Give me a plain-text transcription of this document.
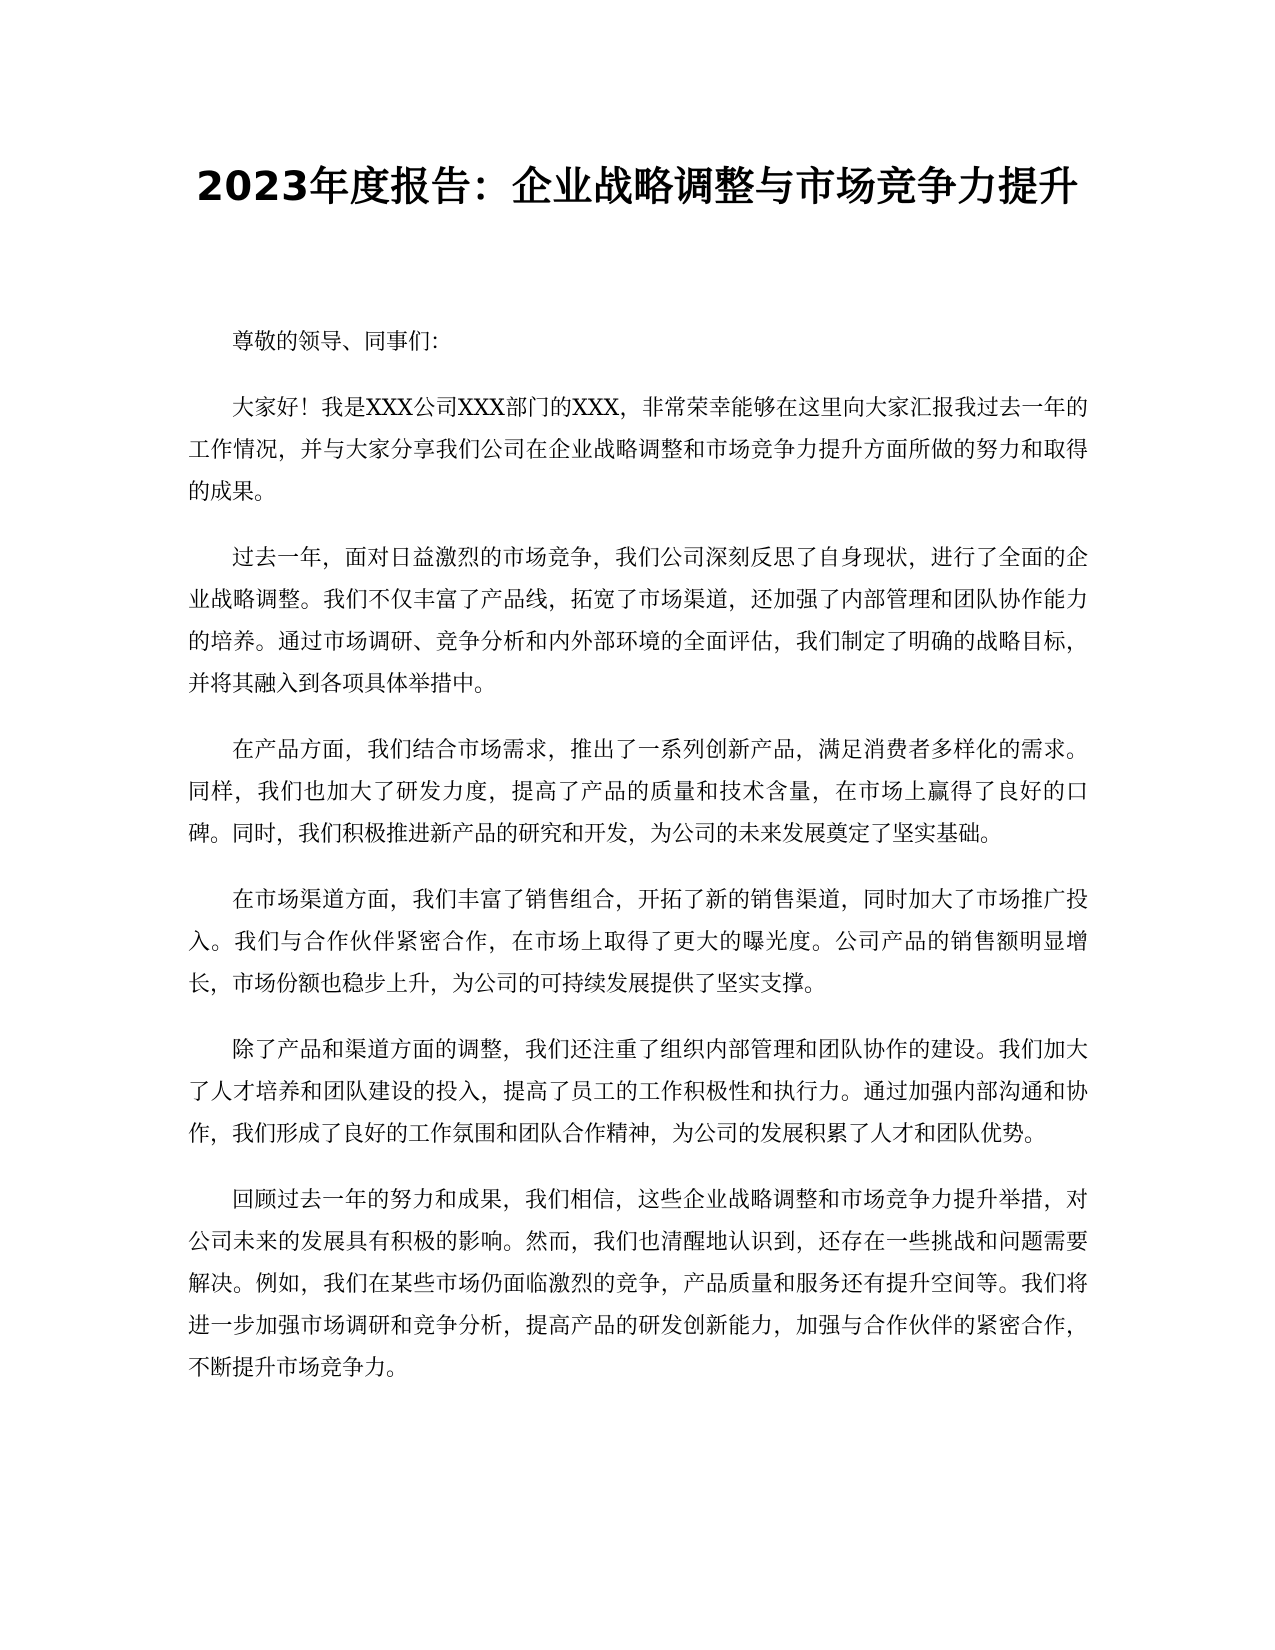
2023年度报告：企业战略调整与市场竞争力提升

尊敬的领导、同事们：

大家好！我是XXX公司XXX部门的XXX，非常荣幸能够在这里向大家汇报我过去一年的工作情况，并与大家分享我们公司在企业战略调整和市场竞争力提升方面所做的努力和取得的成果。

过去一年，面对日益激烈的市场竞争，我们公司深刻反思了自身现状，进行了全面的企业战略调整。我们不仅丰富了产品线，拓宽了市场渠道，还加强了内部管理和团队协作能力的培养。通过市场调研、竞争分析和内外部环境的全面评估，我们制定了明确的战略目标，并将其融入到各项具体举措中。

在产品方面，我们结合市场需求，推出了一系列创新产品，满足消费者多样化的需求。同样，我们也加大了研发力度，提高了产品的质量和技术含量，在市场上赢得了良好的口碑。同时，我们积极推进新产品的研究和开发，为公司的未来发展奠定了坚实基础。

在市场渠道方面，我们丰富了销售组合，开拓了新的销售渠道，同时加大了市场推广投入。我们与合作伙伴紧密合作，在市场上取得了更大的曝光度。公司产品的销售额明显增长，市场份额也稳步上升，为公司的可持续发展提供了坚实支撑。

除了产品和渠道方面的调整，我们还注重了组织内部管理和团队协作的建设。我们加大了人才培养和团队建设的投入，提高了员工的工作积极性和执行力。通过加强内部沟通和协作，我们形成了良好的工作氛围和团队合作精神，为公司的发展积累了人才和团队优势。

回顾过去一年的努力和成果，我们相信，这些企业战略调整和市场竞争力提升举措，对公司未来的发展具有积极的影响。然而，我们也清醒地认识到，还存在一些挑战和问题需要解决。例如，我们在某些市场仍面临激烈的竞争，产品质量和服务还有提升空间等。我们将进一步加强市场调研和竞争分析，提高产品的研发创新能力，加强与合作伙伴的紧密合作，不断提升市场竞争力。
